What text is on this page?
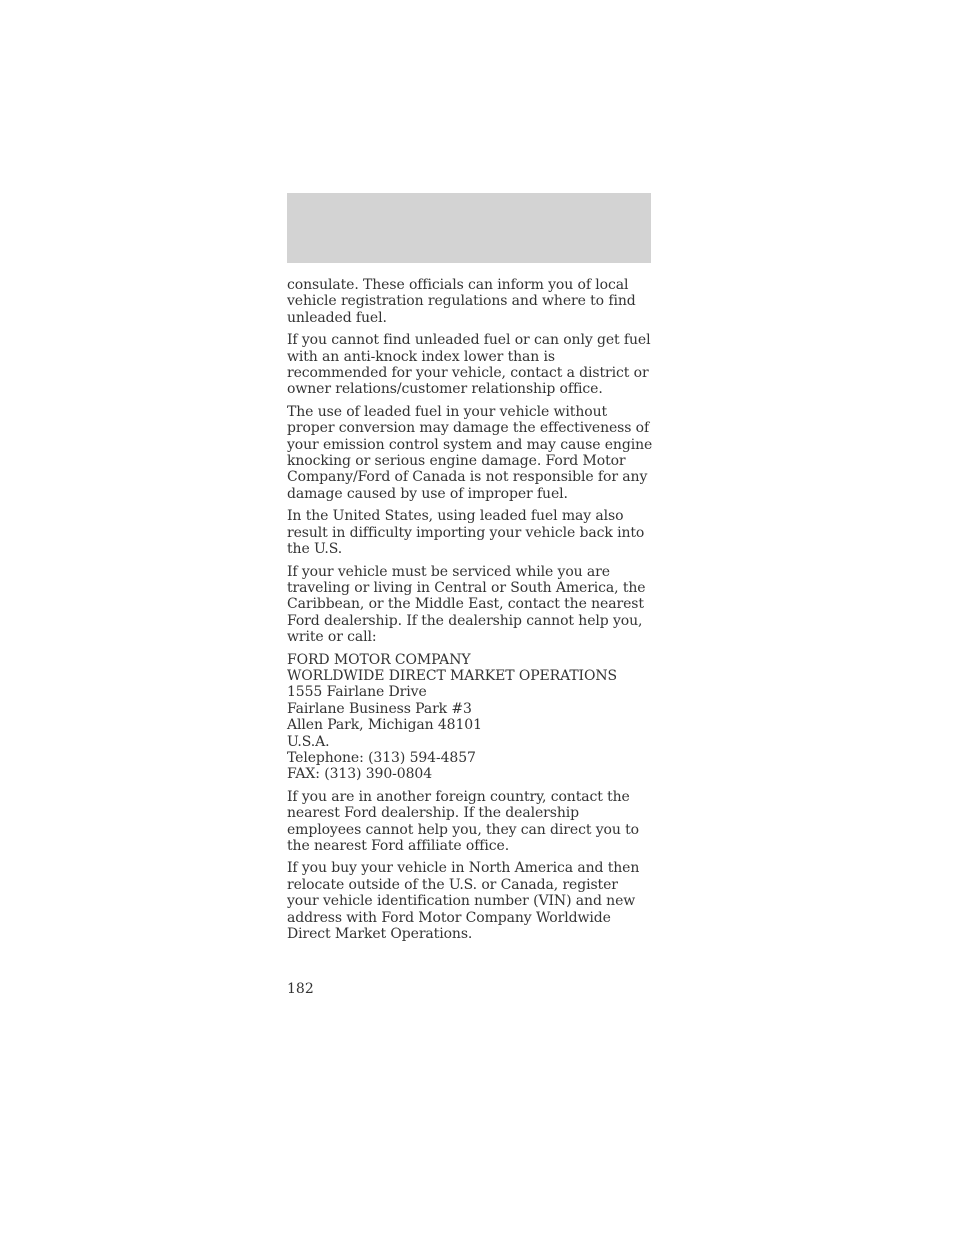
consulate. These officials can inform you of local vehicle registration regulations and where to find unleaded fuel.

If you cannot find unleaded fuel or can only get fuel with an anti-knock index lower than is recommended for your vehicle, contact a district or owner relations/customer relationship office.

The use of leaded fuel in your vehicle without proper conversion may damage the effectiveness of your emission control system and may cause engine knocking or serious engine damage. Ford Motor Company/Ford of Canada is not responsible for any damage caused by use of improper fuel.

In the United States, using leaded fuel may also result in difficulty importing your vehicle back into the U.S.

If your vehicle must be serviced while you are traveling or living in Central or South America, the Caribbean, or the Middle East, contact the nearest Ford dealership. If the dealership cannot help you, write or call:

FORD MOTOR COMPANY
WORLDWIDE DIRECT MARKET OPERATIONS
1555 Fairlane Drive
Fairlane Business Park #3
Allen Park, Michigan 48101
U.S.A.
Telephone: (313) 594-4857
FAX: (313) 390-0804

If you are in another foreign country, contact the nearest Ford dealership. If the dealership employees cannot help you, they can direct you to the nearest Ford affiliate office.

If you buy your vehicle in North America and then relocate outside of the U.S. or Canada, register your vehicle identification number (VIN) and new address with Ford Motor Company Worldwide Direct Market Operations.

182
